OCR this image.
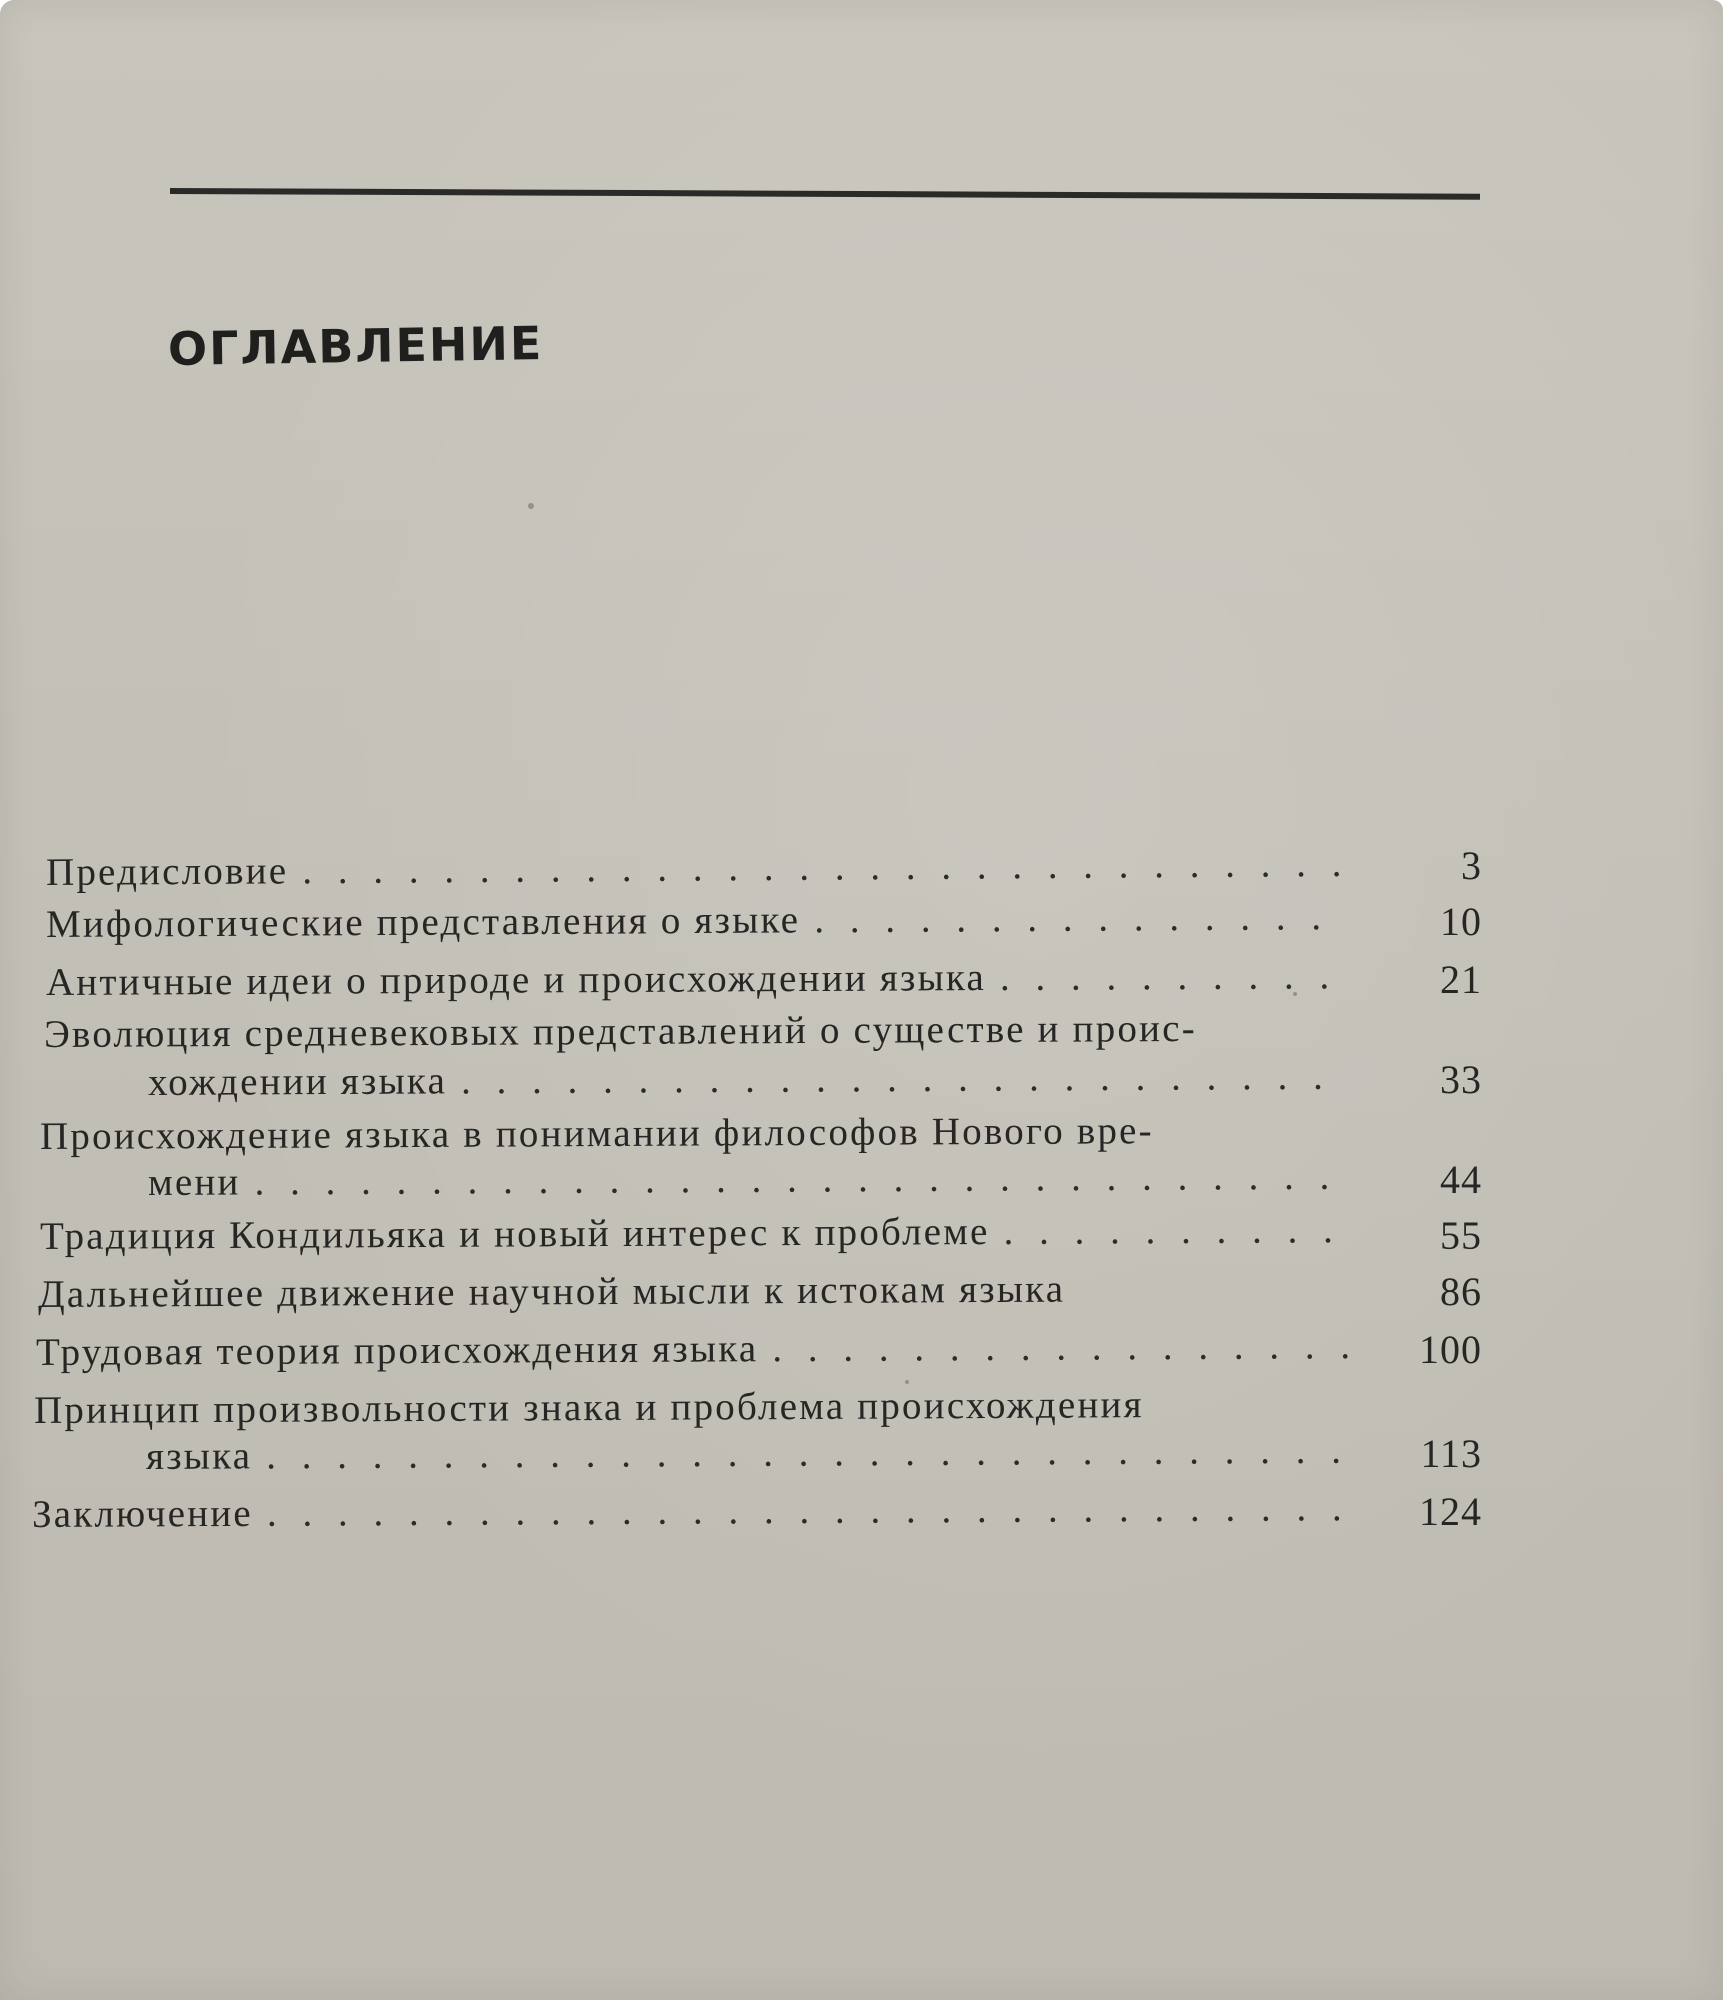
ОГЛАВЛЕНИЕ
Предисловие . . .	3
Мифологические представления о языке . . .	10
Античные идеи о природе и происхождении языка . . .	21
Эволюция средневековых представлений о существе и проис-
хождении языка . . .	33
Происхождение языка в понимании философов Нового вре-
мени . . .	44
Традиция Кондильяка и новый интерес к проблеме . . .	55
Дальнейшее движение научной мысли к истокам языка	86
Трудовая теория происхождения языка . . .	100
Принцип произвольности знака и проблема происхождения
языка . . .	113
Заключение . . .	124
